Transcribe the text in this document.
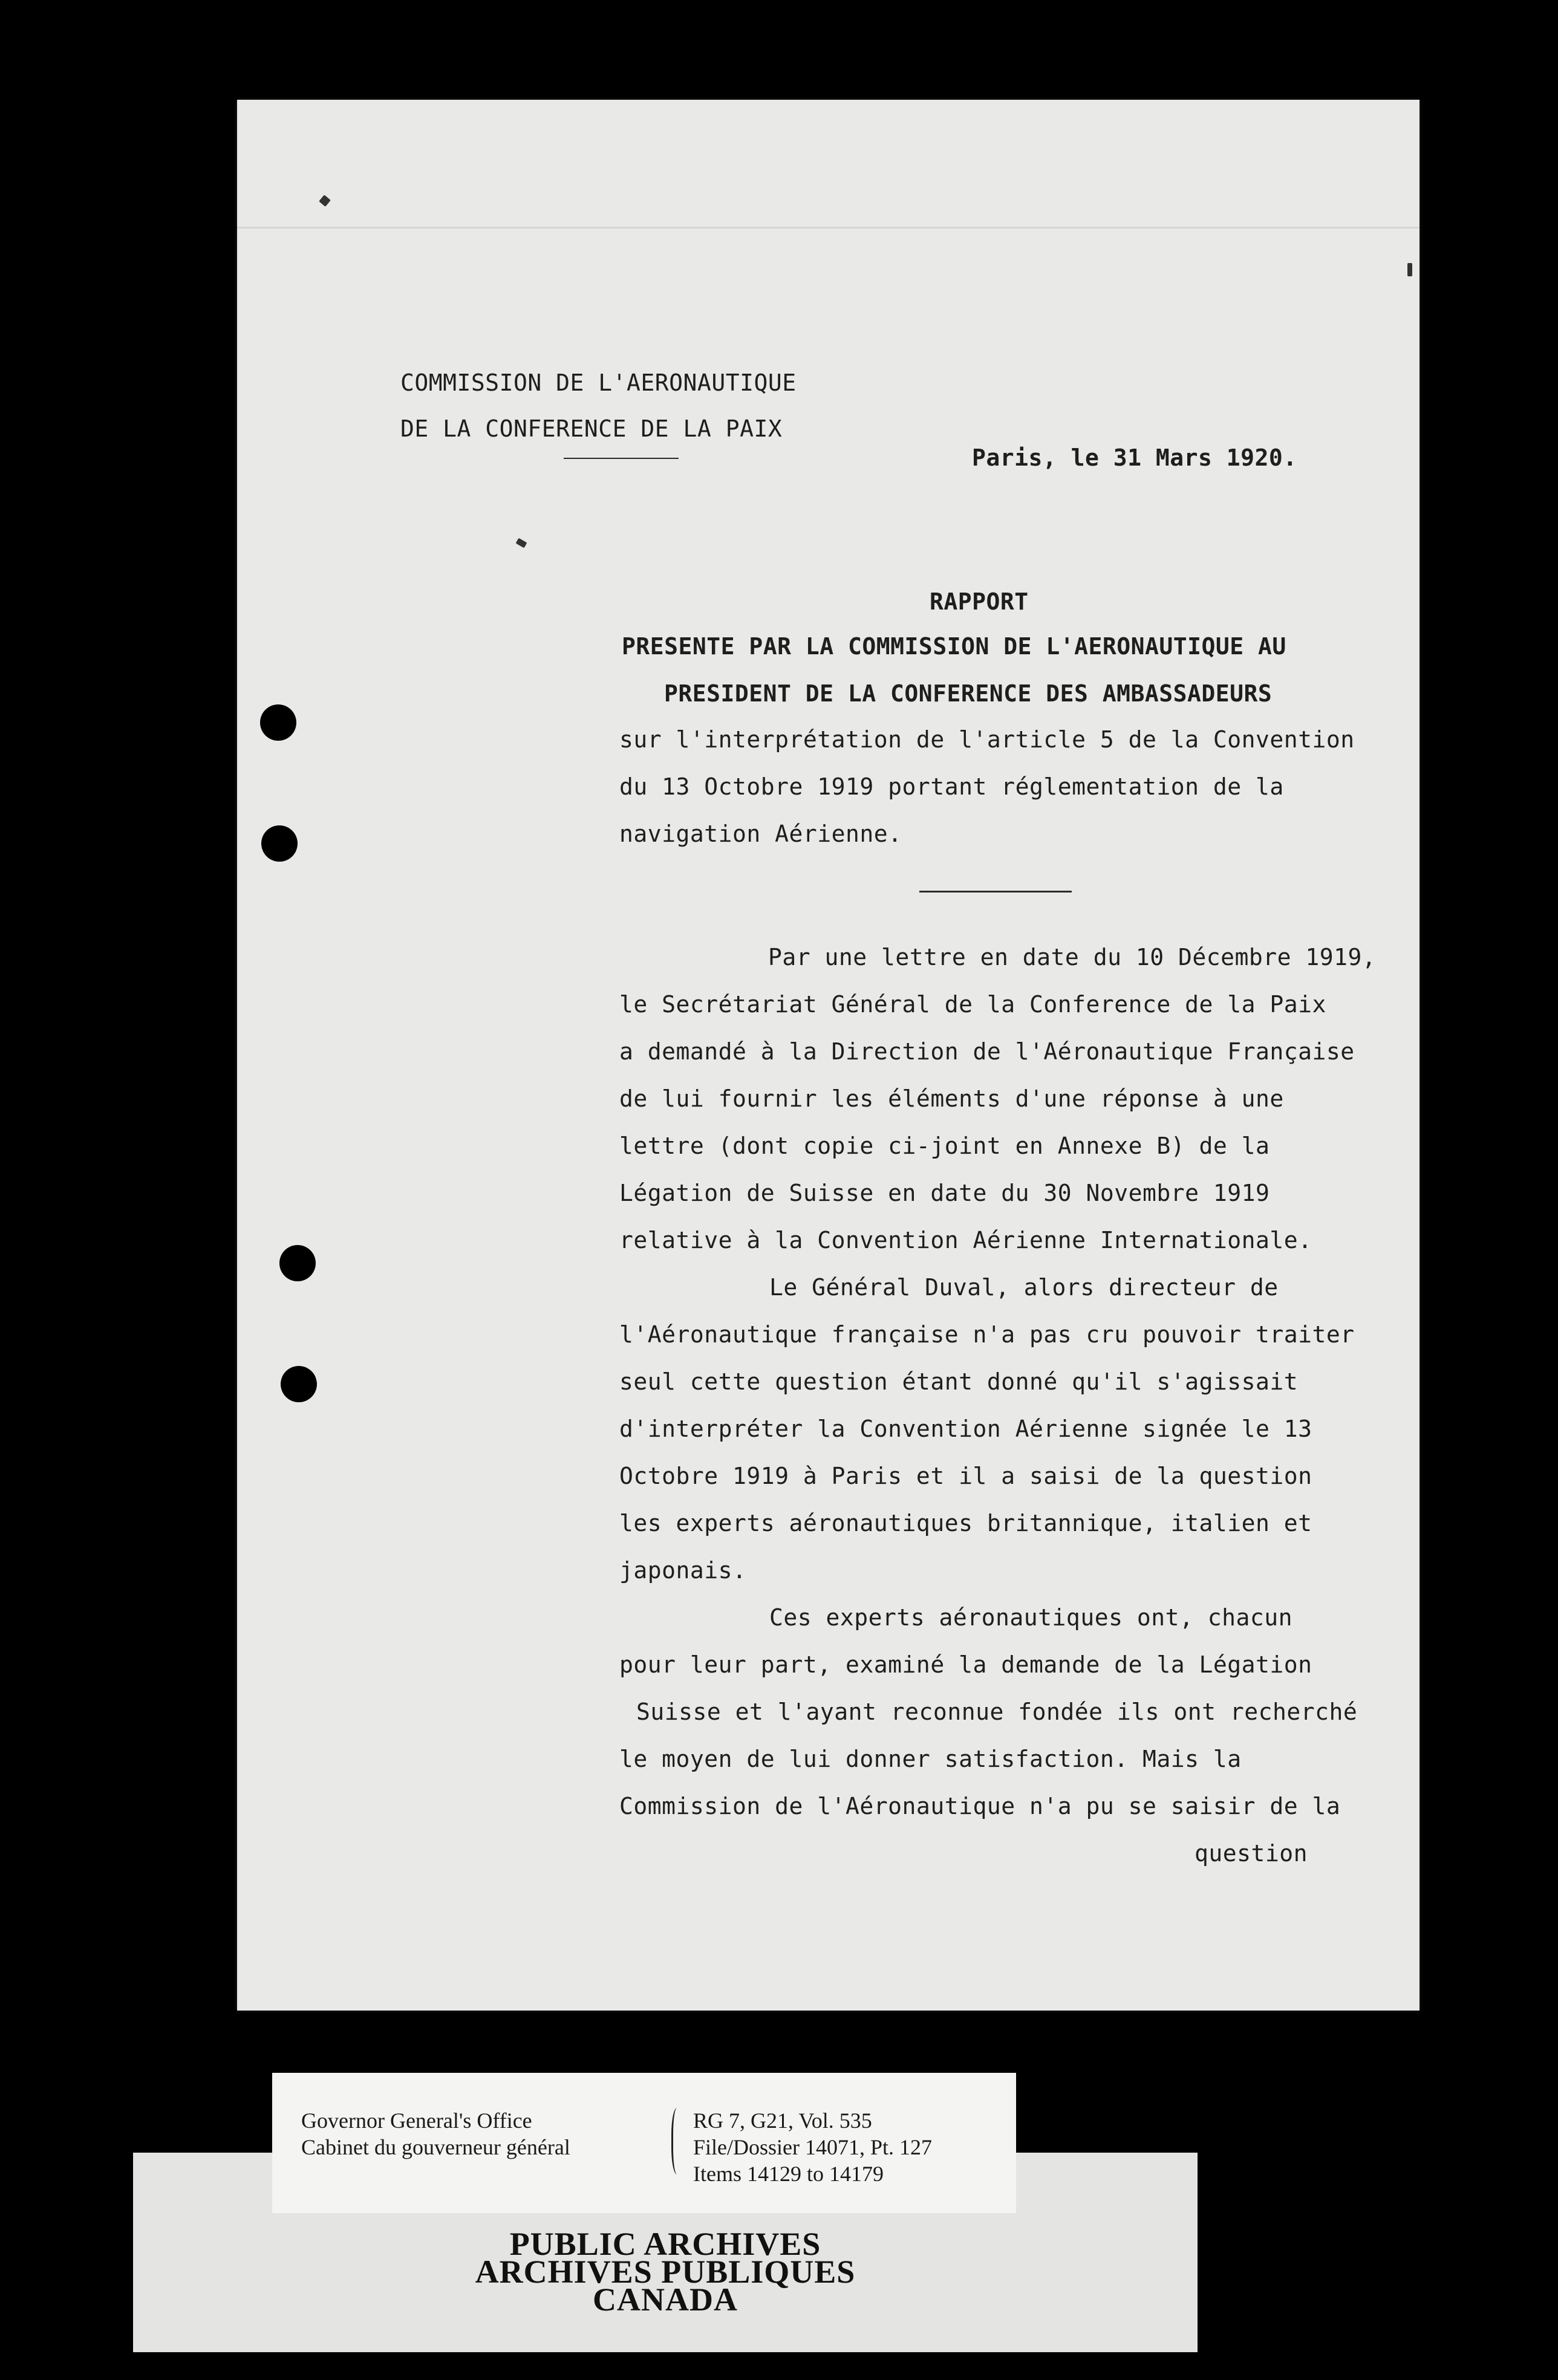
COMMISSION DE L'AERONAUTIQUE
DE LA CONFERENCE DE LA PAIX
Paris, le 31 Mars 1920.
RAPPORT
PRESENTE PAR LA COMMISSION DE L'AERONAUTIQUE AU
PRESIDENT DE LA CONFERENCE DES AMBASSADEURS
sur l'interprétation de l'article 5 de la Convention
du 13 Octobre 1919 portant réglementation de la
navigation Aérienne.
Par une lettre en date du 10 Décembre 1919,
le Secrétariat Général de la Conference de la Paix
a demandé à la Direction de l'Aéronautique Française
de lui fournir les éléments d'une réponse à une
lettre (dont copie ci-joint en Annexe B) de la
Légation de Suisse en date du 30 Novembre 1919
relative à la Convention Aérienne Internationale.
Le Général Duval, alors directeur de
l'Aéronautique française n'a pas cru pouvoir traiter
seul cette question étant donné qu'il s'agissait
d'interpréter la Convention Aérienne signée le 13
Octobre 1919 à Paris et il a saisi de la question
les experts aéronautiques britannique, italien et
japonais.
Ces experts aéronautiques ont, chacun
pour leur part, examiné la demande de la Légation
Suisse et l'ayant reconnue fondée ils ont recherché
le moyen de lui donner satisfaction. Mais la
Commission de l'Aéronautique n'a pu se saisir de la
question
Governor General's Office
Cabinet du gouverneur général
RG 7, G21, Vol. 535
File/Dossier 14071, Pt. 127
Items 14129 to 14179
PUBLIC ARCHIVES
ARCHIVES PUBLIQUES
CANADA
